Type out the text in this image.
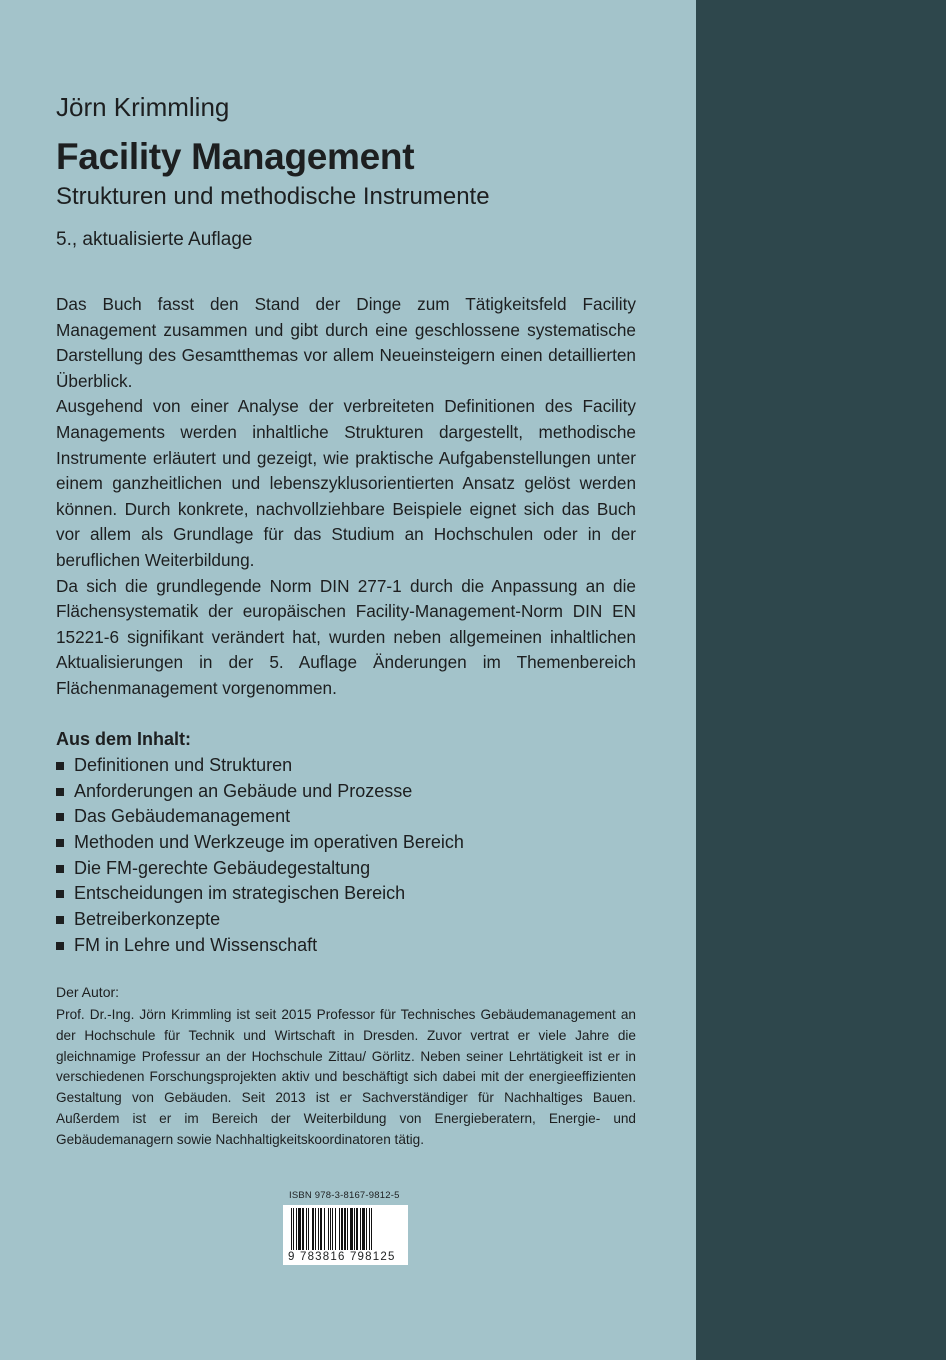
Jörn Krimmling
Facility Management
Strukturen und methodische Instrumente
5., aktualisierte Auflage

Das Buch fasst den Stand der Dinge zum Tätigkeitsfeld Facility Management zusammen und gibt durch eine geschlossene systematische Darstellung des Gesamtthemas vor allem Neueinsteigern einen detaillierten Überblick.

Ausgehend von einer Analyse der verbreiteten Definitionen des Facility Managements werden inhaltliche Strukturen dargestellt, methodische Instrumente erläutert und gezeigt, wie praktische Aufgabenstellungen unter einem ganzheitlichen und lebenszyklusorientierten Ansatz gelöst werden können. Durch konkrete, nachvollziehbare Beispiele eignet sich das Buch vor allem als Grundlage für das Studium an Hochschulen oder in der beruflichen Weiterbildung.

Da sich die grundlegende Norm DIN 277-1 durch die Anpassung an die Flächensystematik der europäischen Facility-Management-Norm DIN EN 15221-6 signifikant verändert hat, wurden neben allgemeinen inhaltlichen Aktualisierungen in der 5. Auflage Änderungen im Themenbereich Flächenmanagement vorgenommen.

Aus dem Inhalt:
Definitionen und Strukturen
Anforderungen an Gebäude und Prozesse
Das Gebäudemanagement
Methoden und Werkzeuge im operativen Bereich
Die FM-gerechte Gebäudegestaltung
Entscheidungen im strategischen Bereich
Betreiberkonzepte
FM in Lehre und Wissenschaft
Der Autor:
Prof. Dr.-Ing. Jörn Krimmling ist seit 2015 Professor für Technisches Gebäudemanagement an der Hochschule für Technik und Wirtschaft in Dresden. Zuvor vertrat er viele Jahre die gleichnamige Professur an der Hochschule Zittau/ Görlitz. Neben seiner Lehrtätigkeit ist er in verschiedenen Forschungsprojekten aktiv und beschäftigt sich dabei mit der energieeffizienten Gestaltung von Gebäuden. Seit 2013 ist er Sachverständiger für Nachhaltiges Bauen. Außerdem ist er im Bereich der Weiterbildung von Energieberatern, Energie- und Gebäudemanagern sowie Nachhaltigkeitskoordinatoren tätig.
ISBN 978-3-8167-9812-5
9 783816 798125
